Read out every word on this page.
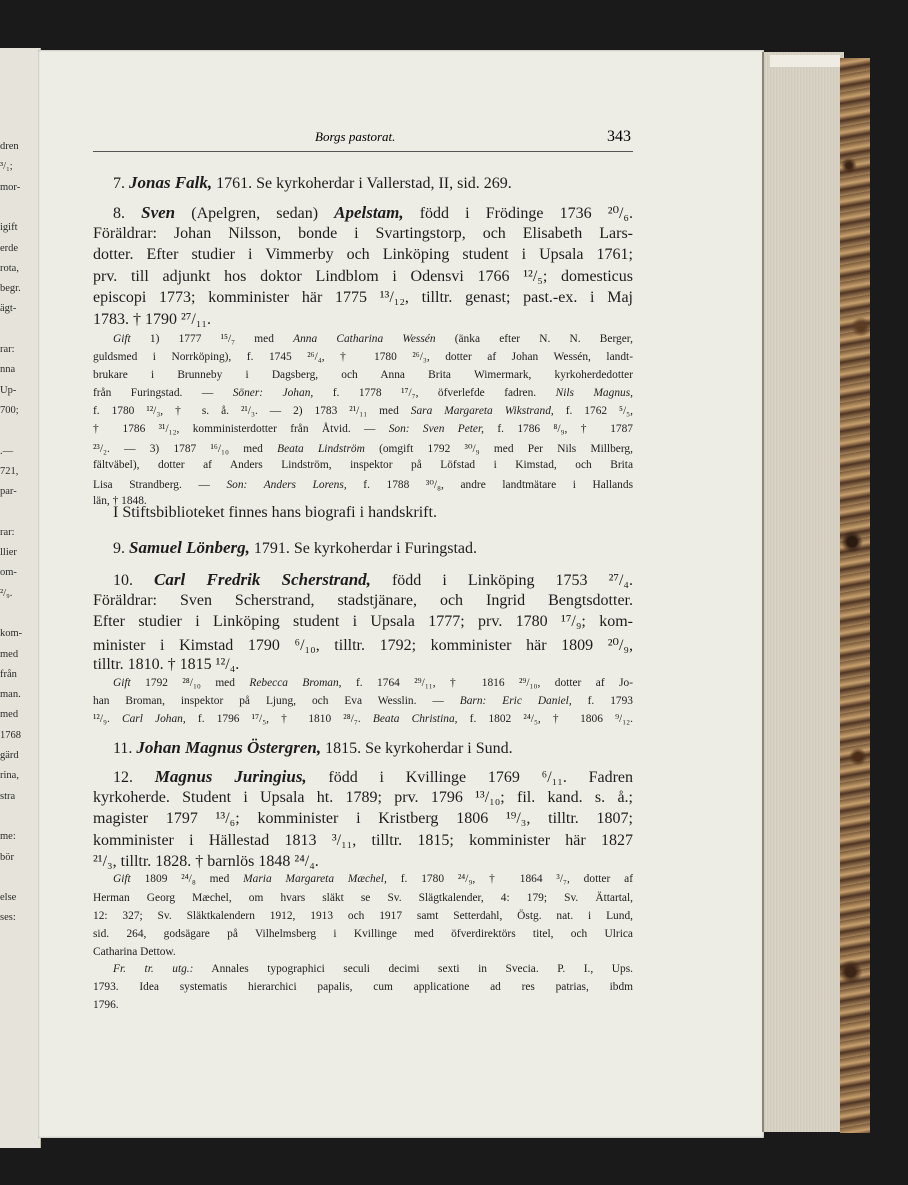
dren
³/₁;
mor-
igift
erde
rota,
begr.
ägt-
rar:
nna
Up-
700;
.—
721,
par-
rar:
llier
om-
²/₉.
kom-
med
från
man.
med
1768
gärd
rina,
stra
me:
bör
else
ses:
Borgs pastorat.	343
7. Jonas Falk, 1761. Se kyrkoherdar i Vallerstad, II, sid. 269.
8. Sven (Apelgren, sedan) Apelstam, född i Frödinge 1736 ²⁰/₆.
Föräldrar: Johan Nilsson, bonde i Svartingstorp, och Elisabeth Lars-
dotter. Efter studier i Vimmerby och Linköping student i Upsala 1761;
prv. till adjunkt hos doktor Lindblom i Odensvi 1766 ¹²/₅; domesticus
episcopi 1773; komminister här 1775 ¹³/₁₂, tilltr. genast; past.-ex. i Maj
1783. † 1790 ²⁷/₁₁.
Gift 1) 1777 ¹⁵/₇ med Anna Catharina Wessén (änka efter N. N. Berger,
guldsmed i Norrköping), f. 1745 ²⁶/₄, † 1780 ²⁶/₃, dotter af Johan Wessén, landt-
brukare i Brunneby i Dagsberg, och Anna Brita Wimermark, kyrkoherdedotter
från Furingstad. — Söner: Johan, f. 1778 ¹⁷/₇, öfverlefde fadren. Nils Magnus,
f. 1780 ¹²/₃, † s. å. ²¹/₃. — 2) 1783 ²¹/₁₁ med Sara Margareta Wikstrand, f. 1762 ⁵/₅,
† 1786 ³¹/₁₂, komministerdotter från Åtvid. — Son: Sven Peter, f. 1786 ⁸/₉, † 1787
²³/₂. — 3) 1787 ¹⁶/₁₀ med Beata Lindström (omgift 1792 ³⁰/₉ med Per Nils Millberg,
fältväbel), dotter af Anders Lindström, inspektor på Löfstad i Kimstad, och Brita
Lisa Strandberg. — Son: Anders Lorens, f. 1788 ³⁰/₈, andre landtmätare i Hallands
län, † 1848.
I Stiftsbiblioteket finnes hans biografi i handskrift.
9. Samuel Lönberg, 1791. Se kyrkoherdar i Furingstad.
10. Carl Fredrik Scherstrand, född i Linköping 1753 ²⁷/₄.
Föräldrar: Sven Scherstrand, stadstjänare, och Ingrid Bengtsdotter.
Efter studier i Linköping student i Upsala 1777; prv. 1780 ¹⁷/₉; kom-
minister i Kimstad 1790 ⁶/₁₀, tilltr. 1792; komminister här 1809 ²⁰/₉,
tilltr. 1810. † 1815 ¹²/₄.
Gift 1792 ²⁸/₁₀ med Rebecca Broman, f. 1764 ²⁹/₁₁, † 1816 ²⁹/₁₀, dotter af Jo-
han Broman, inspektor på Ljung, och Eva Wesslin. — Barn: Eric Daniel, f. 1793
¹²/₉. Carl Johan, f. 1796 ¹⁷/₅, † 1810 ²⁸/₇. Beata Christina, f. 1802 ²⁴/₅, † 1806 ⁹/₁₂.
11. Johan Magnus Östergren, 1815. Se kyrkoherdar i Sund.
12. Magnus Juringius, född i Kvillinge 1769 ⁶/₁₁. Fadren
kyrkoherde. Student i Upsala ht. 1789; prv. 1796 ¹³/₁₀; fil. kand. s. å.;
magister 1797 ¹³/₆; komminister i Kristberg 1806 ¹⁹/₃, tilltr. 1807;
komminister i Hällestad 1813 ³/₁₁, tilltr. 1815; komminister här 1827
²¹/₃, tilltr. 1828. † barnlös 1848 ²⁴/₄.
Gift 1809 ²⁴/₈ med Maria Margareta Mæchel, f. 1780 ²⁴/₉, † 1864 ³/₇, dotter af
Herman Georg Mæchel, om hvars släkt se Sv. Slägtkalender, 4: 179; Sv. Ättartal,
12: 327; Sv. Släktkalendern 1912, 1913 och 1917 samt Setterdahl, Östg. nat. i Lund,
sid. 264, godsägare på Vilhelmsberg i Kvillinge med öfverdirektörs titel, och Ulrica
Catharina Dettow.
Fr. tr. utg.: Annales typographici seculi decimi sexti in Svecia. P. I., Ups.
1793. Idea systematis hierarchici papalis, cum applicatione ad res patrias, ibdm
1796.
